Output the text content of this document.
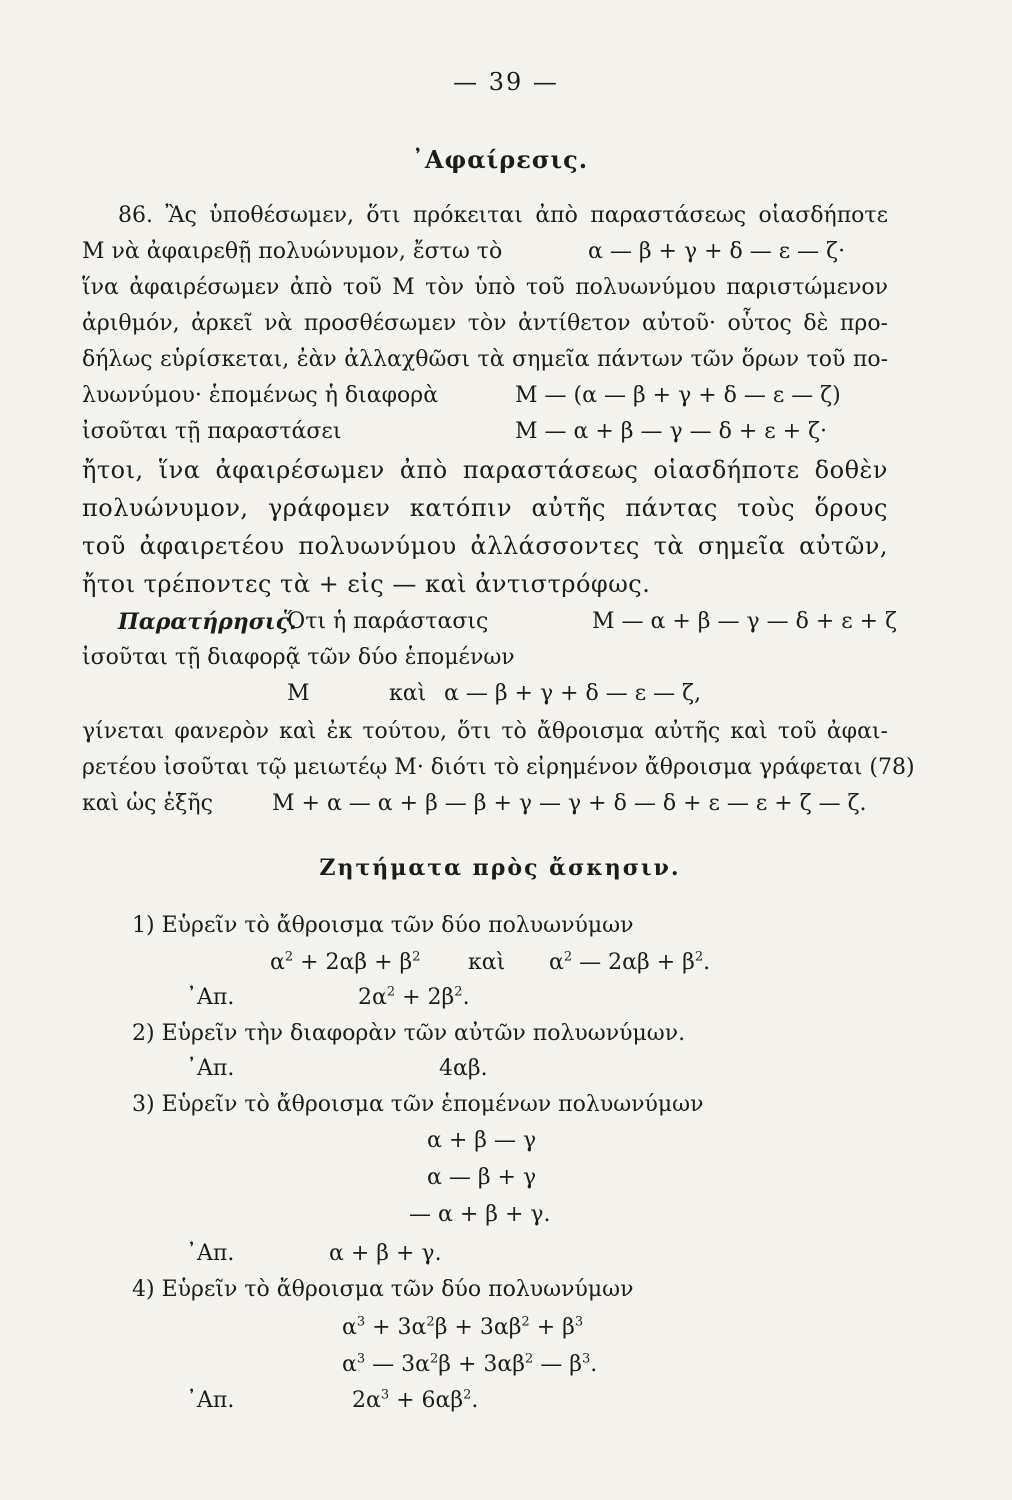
— 39 —
᾿Αφαίρεσις.
86. Ἂς ὑποθέσωμεν, ὅτι πρόκειται ἀπὸ παραστάσεως οἱασδήποτε
Μ νὰ ἀφαιρεθῇ πολυώνυμον, ἔστω τὸ	α — β + γ + δ — ε — ζ·
ἵνα ἀφαιρέσωμεν ἀπὸ τοῦ Μ τὸν ὑπὸ τοῦ πολυωνύμου παριστώμενον
ἀριθμόν, ἀρκεῖ νὰ προσθέσωμεν τὸν ἀντίθετον αὐτοῦ· οὗτος δὲ προ-
δήλως εὑρίσκεται, ἐὰν ἀλλαχθῶσι τὰ σημεῖα πάντων τῶν ὅρων τοῦ πο-
λυωνύμου· ἑπομένως ἡ διαφορὰ	Μ — (α — β + γ + δ — ε — ζ)
ἰσοῦται τῇ παραστάσει	Μ — α + β — γ — δ + ε + ζ·
ἤτοι, ἵνα ἀφαιρέσωμεν ἀπὸ παραστάσεως οἱασδήποτε δοθὲν
πολυώνυμον, γράφομεν κατόπιν αὐτῆς πάντας τοὺς ὅρους
τοῦ ἀφαιρετέου πολυωνύμου ἀλλάσσοντες τὰ σημεῖα αὐτῶν,
ἤτοι τρέποντες τὰ + εἰς — καὶ ἀντιστρόφως.
Παρατήρησις.
Ὅτι ἡ παράστασις	Μ — α + β — γ — δ + ε + ζ
ἰσοῦται τῇ διαφορᾷ τῶν δύο ἑπομένων
Μ	καὶ α — β + γ + δ — ε — ζ,
γίνεται φανερὸν καὶ ἐκ τούτου, ὅτι τὸ ἄθροισμα αὐτῆς καὶ τοῦ ἀφαι-
ρετέου ἰσοῦται τῷ μειωτέῳ Μ· διότι τὸ εἰρημένον ἄθροισμα γράφεται (78)
καὶ ὡς ἑξῆς	Μ + α — α + β — β + γ — γ + δ — δ + ε — ε + ζ — ζ.
Ζητήματα πρὸς ἄσκησιν.
1) Εὑρεῖν τὸ ἄθροισμα τῶν δύο πολυωνύμων
$\alpha^2 + 2\alpha\beta + \beta^2$ καὶ $\alpha^2$ — $2\alpha\beta + \beta^2$.
᾿Απ.	$2\alpha^2 + 2\beta^2$.
2) Εὑρεῖν τὴν διαφορὰν τῶν αὐτῶν πολυωνύμων.
᾿Απ.	4αβ.
3) Εὑρεῖν τὸ ἄθροισμα τῶν ἑπομένων πολυωνύμων
α + β — γ
α — β + γ
— α + β + γ.
᾿Απ.	α + β + γ.
4) Εὑρεῖν τὸ ἄθροισμα τῶν δύο πολυωνύμων
$\alpha^3 + 3\alpha^2\beta + 3\alpha\beta^2 + \beta^3$
$\alpha^3$ — $3\alpha^2\beta + 3\alpha\beta^2$ — $\beta^3$.
᾿Απ.	$2\alpha^3 + 6\alpha\beta^2$.
